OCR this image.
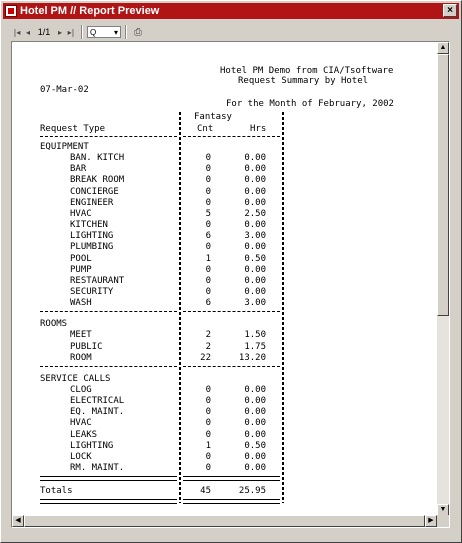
Hotel PM // Report Preview	×
|◂ ◂ 1/1 ▸ ▸|	Q ▾	⎙
07-Mar-02
Hotel PM Demo from CIA/Tsoftware
Request Summary by Hotel
For the Month of February, 2002
Fantasy
Request Type	Cnt	Hrs
EQUIPMENT
BAN. KITCH	0	0.00
BAR	0	0.00
BREAK ROOM	0	0.00
CONCIERGE	0	0.00
ENGINEER	0	0.00
HVAC	5	2.50
KITCHEN	0	0.00
LIGHTING	6	3.00
PLUMBING	0	0.00
POOL	1	0.50
PUMP	0	0.00
RESTAURANT	0	0.00
SECURITY	0	0.00
WASH	6	3.00
ROOMS
MEET	2	1.50
PUBLIC	2	1.75
ROOM	22	13.20
SERVICE CALLS
CLOG	0	0.00
ELECTRICAL	0	0.00
EQ. MAINT.	0	0.00
HVAC	0	0.00
LEAKS	0	0.00
LIGHTING	1	0.50
LOCK	0	0.00
RM. MAINT.	0	0.00
Totals	45	25.95
▲
▼
◀	▶
